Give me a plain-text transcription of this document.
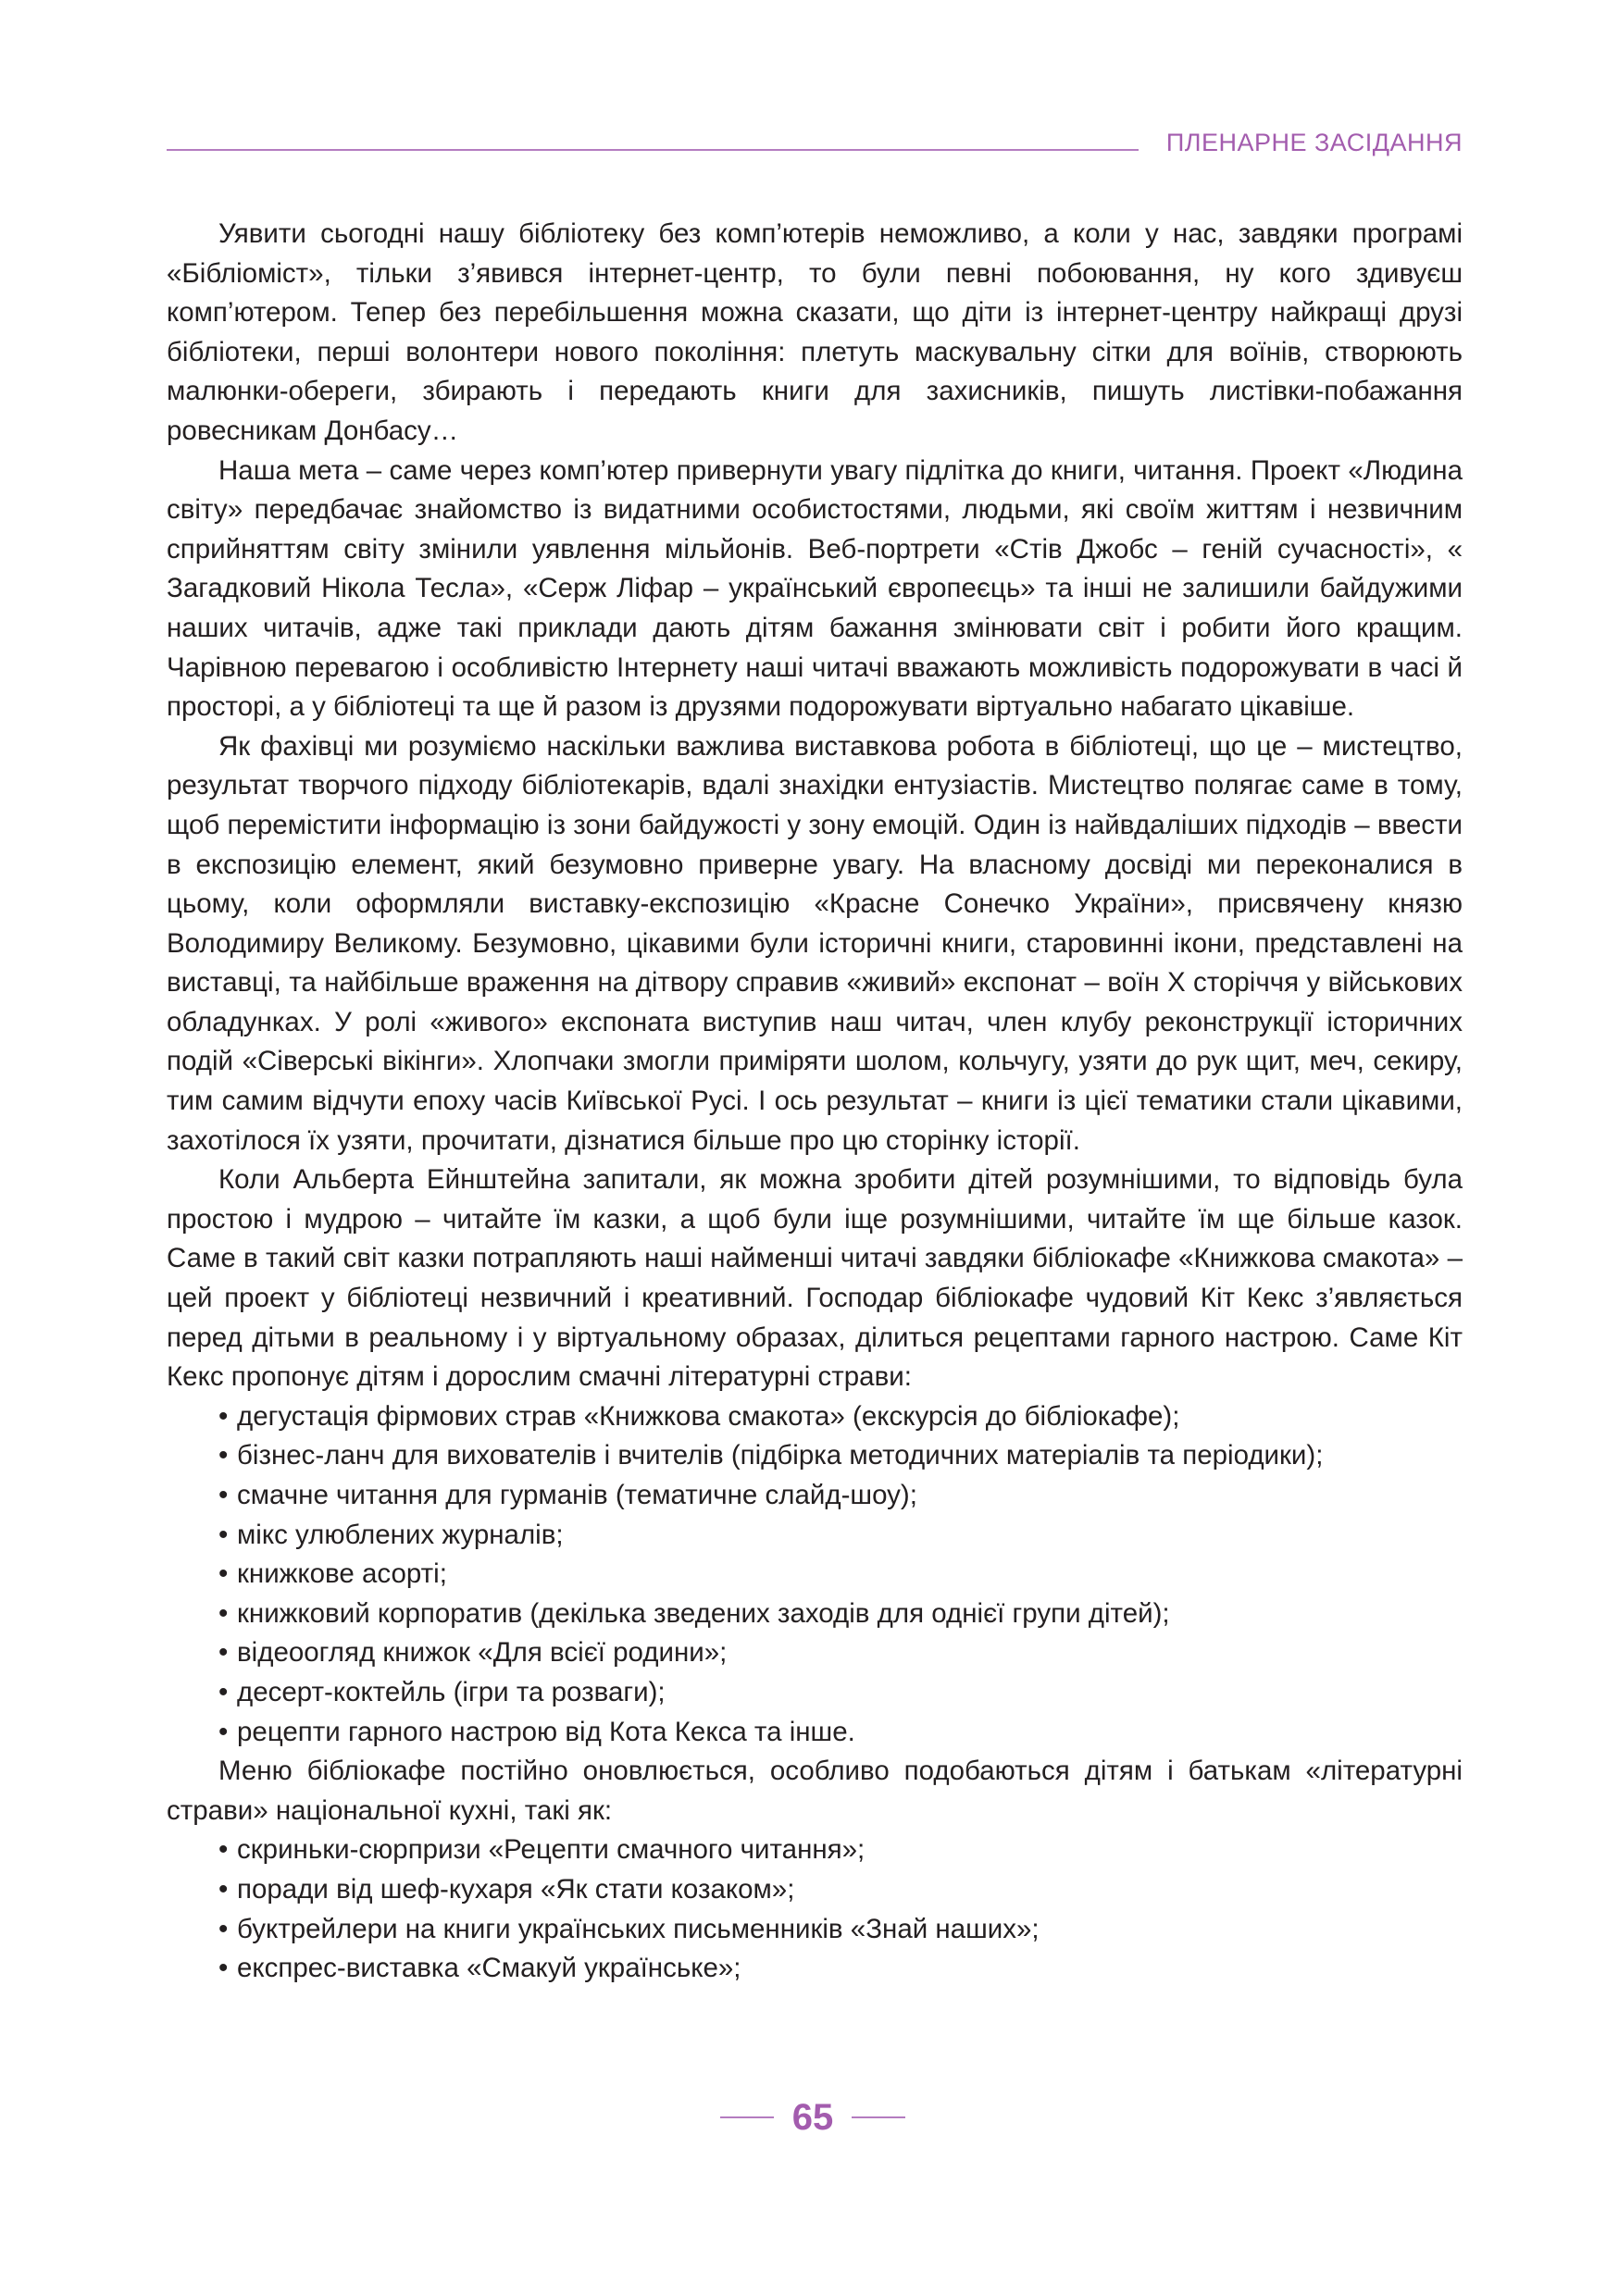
ПЛЕНАРНЕ ЗАСІДАННЯ

Уявити сьогодні нашу бібліотеку без комп’ютерів неможливо, а коли у нас, завдяки програмі «Бібліоміст», тільки з’явився інтернет-центр, то були певні побоювання, ну кого здивуєш комп’ютером. Тепер без перебільшення можна сказати, що діти із інтернет-центру найкращі друзі бібліотеки, перші волонтери нового покоління: плетуть маскувальну сітки для воїнів, створюють малюнки-обереги, збирають і передають книги для захисників, пишуть листівки-побажання ровесникам Донбасу…

Наша мета – саме через комп’ютер привернути увагу підлітка до книги, читання. Проект «Людина світу» передбачає знайомство із видатними особистостями, людьми, які своїм життям і незвичним сприйняттям світу змінили уявлення мільйонів. Веб-портрети «Стів Джобс – геній сучасності», « Загадковий Нікола Тесла», «Серж Ліфар – український європеєць» та інші не залишили байдужими наших читачів, адже такі приклади дають дітям бажання змінювати світ і робити його кращим. Чарівною перевагою і особливістю Інтернету наші читачі вважають можливість подорожувати в часі й просторі, а у бібліотеці та ще й разом із друзями подорожувати віртуально набагато цікавіше.

Як фахівці ми розуміємо наскільки важлива виставкова робота в бібліотеці, що це – мистецтво, результат творчого підходу бібліотекарів, вдалі знахідки ентузіастів. Мистецтво полягає саме в тому, щоб перемістити інформацію із зони байдужості у зону емоцій. Один із найвдаліших підходів – ввести в експозицію елемент, який безумовно приверне увагу. На власному досвіді ми переконалися в цьому, коли оформляли виставку-експозицію «Красне Сонечко України», присвячену князю Володимиру Великому. Безумовно, цікавими були історичні книги, старовинні ікони, представлені на виставці, та найбільше враження на дітвору справив «живий» експонат – воїн Х сторіччя у військових обладунках. У ролі «живого» експоната виступив наш читач, член клубу реконструкції історичних подій «Сіверські вікінги». Хлопчаки змогли приміряти шолом, кольчугу, узяти до рук щит, меч, секиру, тим самим відчути епоху часів Київської Русі. І ось результат – книги із цієї тематики стали цікавими, захотілося їх узяти, прочитати, дізнатися більше про цю сторінку історії.

Коли Альберта Ейнштейна запитали, як можна зробити дітей розумнішими, то відповідь була простою і мудрою – читайте їм казки, а щоб були іще розумнішими, читайте їм ще більше казок. Саме в такий світ казки потрапляють наші найменші читачі завдяки бібліокафе «Книжкова смакота» – цей проект у бібліотеці незвичний і креативний. Господар бібліокафе чудовий Кіт Кекс з’являється перед дітьми в реальному і у віртуальному образах, ділиться рецептами гарного настрою. Саме Кіт Кекс пропонує дітям і дорослим смачні літературні страви:

• дегустація фірмових страв «Книжкова смакота» (екскурсія до бібліокафе);
• бізнес-ланч для вихователів і вчителів (підбірка методичних матеріалів та періодики);
• смачне читання для гурманів (тематичне слайд-шоу);
• мікс улюблених журналів;
• книжкове асорті;
• книжковий корпоратив (декілька зведених заходів для однієї групи дітей);
• відеоогляд книжок «Для всієї родини»;
• десерт-коктейль (ігри та розваги);
• рецепти гарного настрою від Кота Кекса та інше.

Меню бібліокафе постійно оновлюється, особливо подобаються дітям і батькам «літературні страви» національної кухні, такі як:

• скриньки-сюрпризи «Рецепти смачного читання»;
• поради від шеф-кухаря «Як стати козаком»;
• буктрейлери на книги українських письменників «Знай наших»;
• експрес-виставка «Смакуй українське»;
65
